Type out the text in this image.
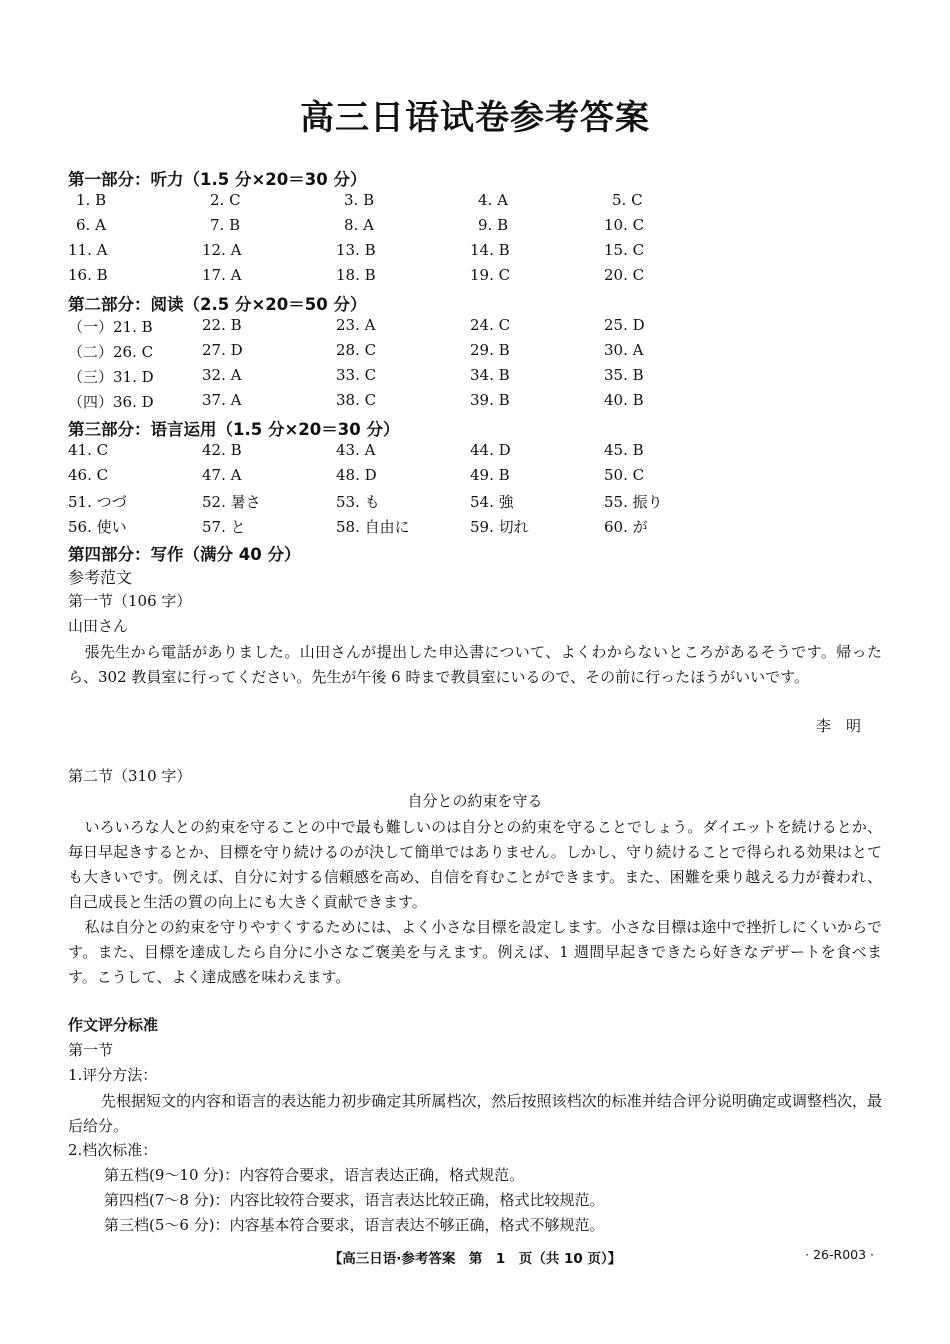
高三日语试卷参考答案
第一部分：听力（1.5 分×20＝30 分）
1. B	2. C	3. B	4. A	5. C
6. A	7. B	8. A	9. B	10. C
11. A	12. A	13. B	14. B	15. C
16. B	17. A	18. B	19. C	20. C
第二部分：阅读（2.5 分×20＝50 分）
（一）21. B	22. B	23. A	24. C	25. D
（二）26. C	27. D	28. C	29. B	30. A
（三）31. D	32. A	33. C	34. B	35. B
（四）36. D	37. A	38. C	39. B	40. B
第三部分：语言运用（1.5 分×20＝30 分）
41. C	42. B	43. A	44. D	45. B
46. C	47. A	48. D	49. B	50. C
51. つづ	52. 暑さ	53. も	54. 強	55. 振り
56. 使い	57. と	58. 自由に	59. 切れ	60. が
第四部分：写作（满分 40 分）
参考范文
第一节（106 字）
山田さん
張先生から電話がありました。山田さんが提出した申込書について、よくわからないところがあるそうです。帰ったら、302 教員室に行ってください。先生が午後 6 時まで教員室にいるので、その前に行ったほうがいいです。
李　明
第二节（310 字）
自分との約束を守る
いろいろな人との約束を守ることの中で最も難しいのは自分との約束を守ることでしょう。ダイエットを続けるとか、毎日早起きするとか、目標を守り続けるのが決して簡単ではありません。しかし、守り続けることで得られる効果はとても大きいです。例えば、自分に対する信頼感を高め、自信を育むことができます。また、困難を乗り越える力が養われ、自己成長と生活の質の向上にも大きく貢献できます。
私は自分との約束を守りやすくするためには、よく小さな目標を設定します。小さな目標は途中で挫折しにくいからです。また、目標を達成したら自分に小さなご褒美を与えます。例えば、1 週間早起きできたら好きなデザートを食べます。こうして、よく達成感を味わえます。
作文评分标准
第一节
1.评分方法：
先根据短文的内容和语言的表达能力初步确定其所属档次，然后按照该档次的标准并结合评分说明确定或调整档次，最后给分。
2.档次标准：
第五档(9～10 分)：内容符合要求，语言表达正确，格式规范。
第四档(7～8 分)：内容比较符合要求，语言表达比较正确，格式比较规范。
第三档(5～6 分)：内容基本符合要求，语言表达不够正确，格式不够规范。
【高三日语·参考答案　第　1　页（共 10 页）】	· 26-R003 ·
